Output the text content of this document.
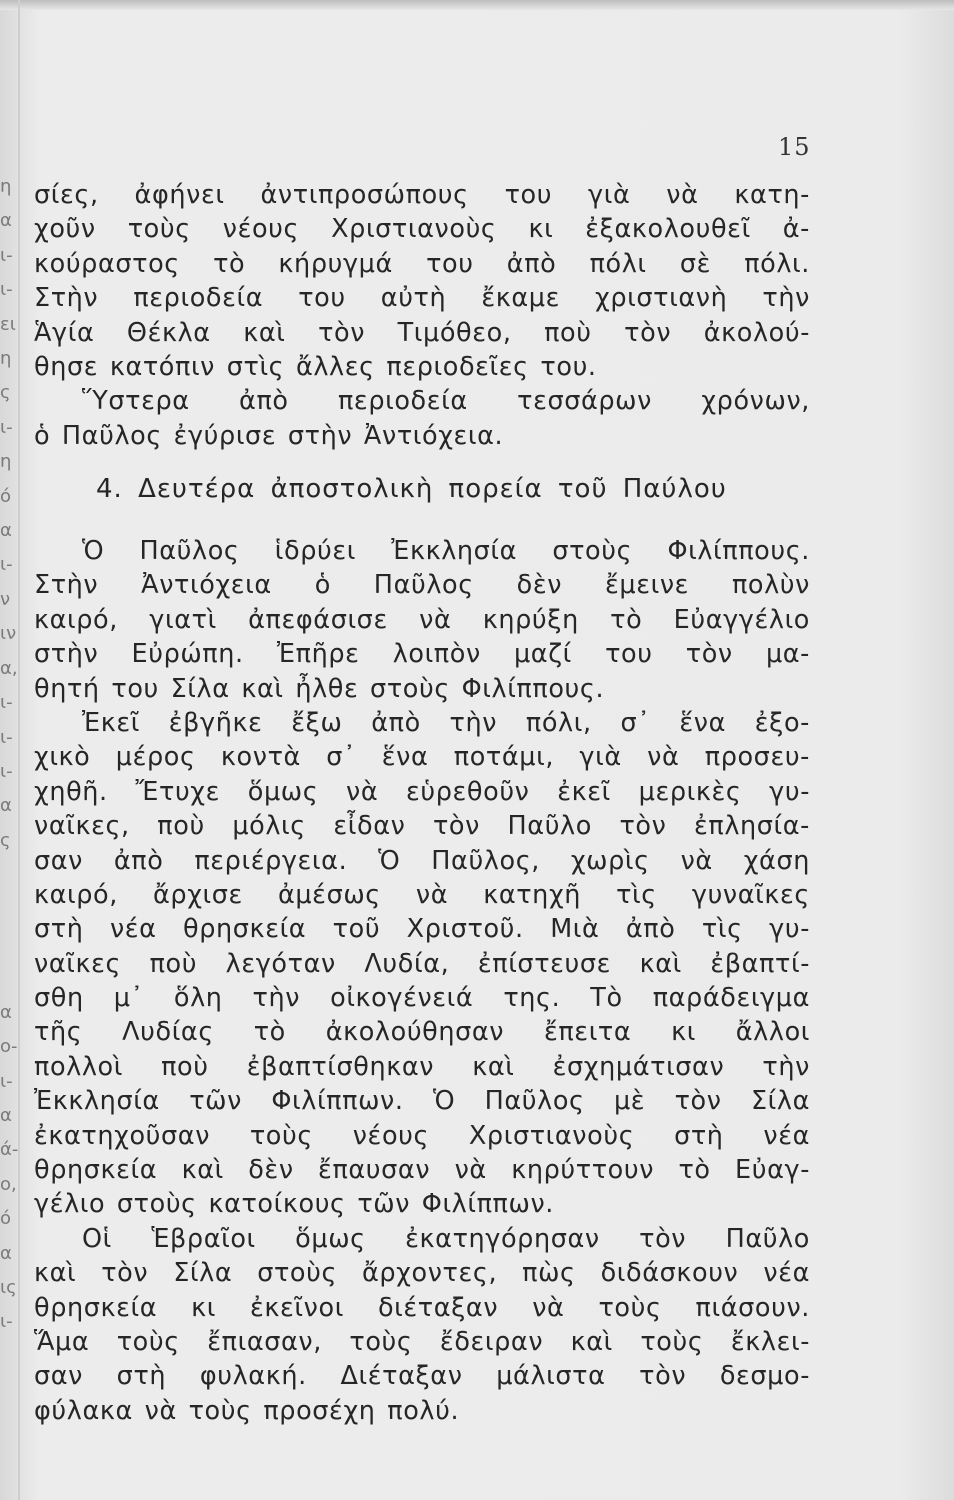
η
α
ι-
ι-
ει
η
ς
ι-
η
ό
α
ι-
ν
ιν
α,
ι-
ι-
ι-
α
ς

α
ο-
ι-
α
ά-
ο,
ό
α
ις
ι-
15
σίες, ἀφήνει ἀντιπροσώπους του γιὰ νὰ κατη-
χοῦν τοὺς νέους Χριστιανοὺς κι ἐξακολουθεῖ ἀ-
κούραστος τὸ κήρυγμά του ἀπὸ πόλι σὲ πόλι.
Στὴν περιοδεία του αὐτὴ ἔκαμε χριστιανὴ τὴν
Ἁγία Θέκλα καὶ τὸν Τιμόθεο, ποὺ τὸν ἀκολού-
θησε κατόπιν στὶς ἄλλες περιοδεῖες του.
Ὕστερα ἀπὸ περιοδεία τεσσάρων χρόνων,
ὁ Παῦλος ἐγύρισε στὴν Ἀντιόχεια.
4. Δευτέρα ἀποστολικὴ πορεία τοῦ Παύλου
Ὁ Παῦλος ἱδρύει Ἐκκλησία στοὺς Φιλίππους.
Στὴν Ἀντιόχεια ὁ Παῦλος δὲν ἔμεινε πολὺν
καιρό, γιατὶ ἀπεφάσισε νὰ κηρύξη τὸ Εὐαγγέλιο
στὴν Εὐρώπη. Ἐπῆρε λοιπὸν μαζί του τὸν μα-
θητή του Σίλα καὶ ἦλθε στοὺς Φιλίππους.
Ἐκεῖ ἐβγῆκε ἔξω ἀπὸ τὴν πόλι, σ᾿ ἕνα ἐξο-
χικὸ μέρος κοντὰ σ᾿ ἕνα ποτάμι, γιὰ νὰ προσευ-
χηθῆ. Ἔτυχε ὅμως νὰ εὑρεθοῦν ἐκεῖ μερικὲς γυ-
ναῖκες, ποὺ μόλις εἶδαν τὸν Παῦλο τὸν ἐπλησία-
σαν ἀπὸ περιέργεια. Ὁ Παῦλος, χωρὶς νὰ χάση
καιρό, ἄρχισε ἀμέσως νὰ κατηχῆ τὶς γυναῖκες
στὴ νέα θρησκεία τοῦ Χριστοῦ. Μιὰ ἀπὸ τὶς γυ-
ναῖκες ποὺ λεγόταν Λυδία, ἐπίστευσε καὶ ἐβαπτί-
σθη μ᾿ ὅλη τὴν οἰκογένειά της. Τὸ παράδειγμα
τῆς Λυδίας τὸ ἀκολούθησαν ἔπειτα κι ἄλλοι
πολλοὶ ποὺ ἐβαπτίσθηκαν καὶ ἐσχημάτισαν τὴν
Ἐκκλησία τῶν Φιλίππων. Ὁ Παῦλος μὲ τὸν Σίλα
ἐκατηχοῦσαν τοὺς νέους Χριστιανοὺς στὴ νέα
θρησκεία καὶ δὲν ἔπαυσαν νὰ κηρύττουν τὸ Εὐαγ-
γέλιο στοὺς κατοίκους τῶν Φιλίππων.
Οἱ Ἑβραῖοι ὅμως ἐκατηγόρησαν τὸν Παῦλο
καὶ τὸν Σίλα στοὺς ἄρχοντες, πὼς διδάσκουν νέα
θρησκεία κι ἐκεῖνοι διέταξαν νὰ τοὺς πιάσουν.
Ἅμα τοὺς ἔπιασαν, τοὺς ἔδειραν καὶ τοὺς ἔκλει-
σαν στὴ φυλακή. Διέταξαν μάλιστα τὸν δεσμο-
φύλακα νὰ τοὺς προσέχη πολύ.
